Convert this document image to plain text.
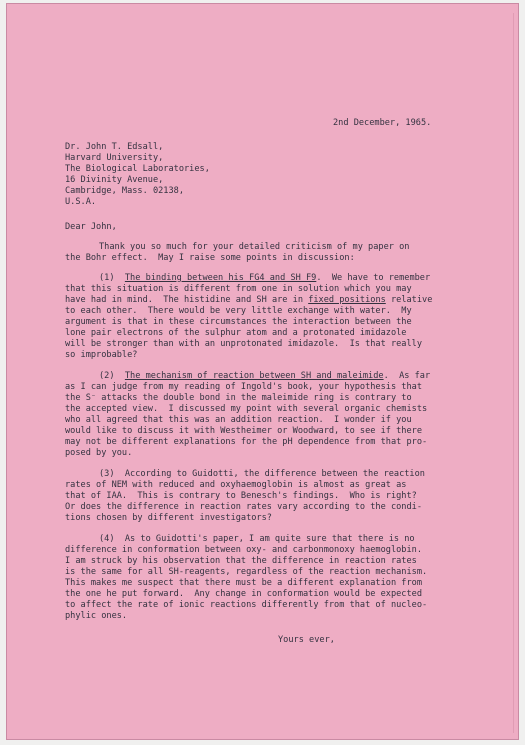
2nd December, 1965.

Dr. John T. Edsall,

Harvard University,

The Biological Laboratories,

16 Divinity Avenue,

Cambridge, Mass. 02138,

U.S.A.

Dear John,

Thank you so much for your detailed criticism of my paper on

the Bohr effect.  May I raise some points in discussion:

(1)  The binding between his FG4 and SH F9.  We have to remember

that this situation is different from one in solution which you may

have had in mind.  The histidine and SH are in fixed positions relative

to each other.  There would be very little exchange with water.  My

argument is that in these circumstances the interaction between the

lone pair electrons of the sulphur atom and a protonated imidazole

will be stronger than with an unprotonated imidazole.  Is that really

so improbable?

(2)  The mechanism of reaction between SH and maleimide.  As far

as I can judge from my reading of Ingold's book, your hypothesis that

the S⁻ attacks the double bond in the maleimide ring is contrary to

the accepted view.  I discussed my point with several organic chemists

who all agreed that this was an addition reaction.  I wonder if you

would like to discuss it with Westheimer or Woodward, to see if there

may not be different explanations for the pH dependence from that pro-

posed by you.

(3)  According to Guidotti, the difference between the reaction

rates of NEM with reduced and oxyhaemoglobin is almost as great as

that of IAA.  This is contrary to Benesch's findings.  Who is right?

Or does the difference in reaction rates vary according to the condi-

tions chosen by different investigators?

(4)  As to Guidotti's paper, I am quite sure that there is no

difference in conformation between oxy- and carbonmonoxy haemoglobin.

I am struck by his observation that the difference in reaction rates

is the same for all SH-reagents, regardless of the reaction mechanism.

This makes me suspect that there must be a different explanation from

the one he put forward.  Any change in conformation would be expected

to affect the rate of ionic reactions differently from that of nucleo-

phylic ones.

Yours ever,
